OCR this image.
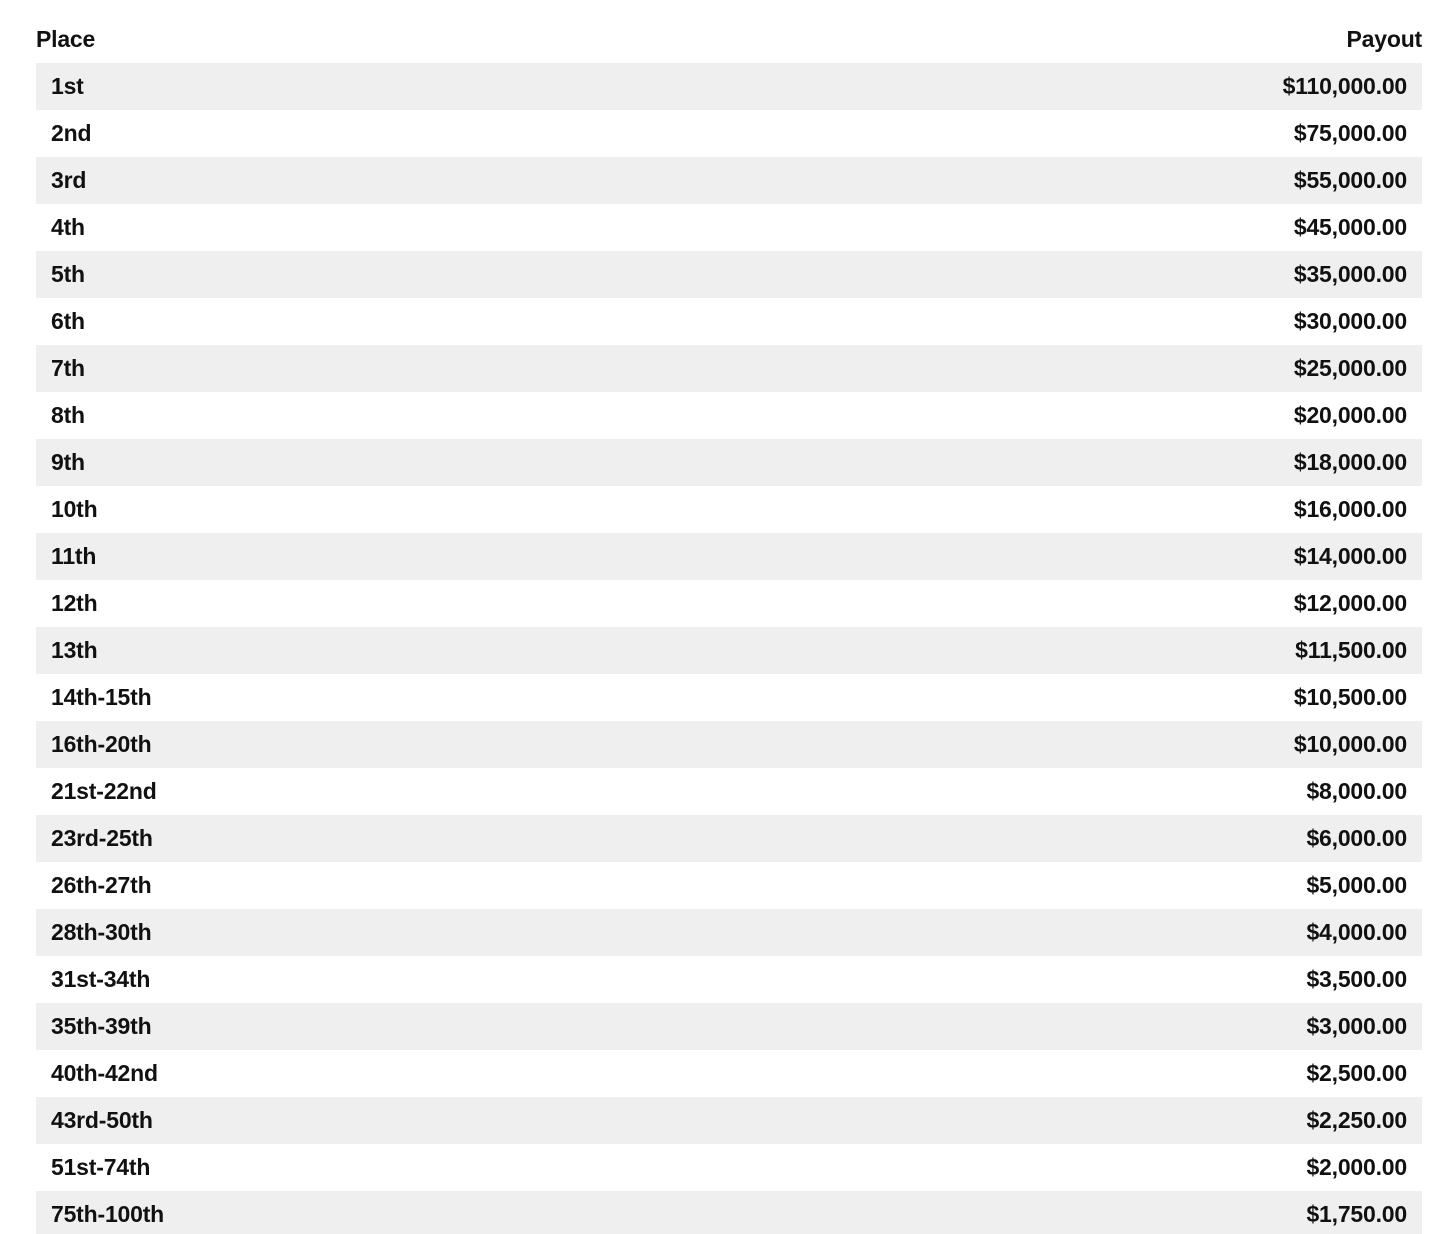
Place	Payout
1st	$110,000.00
2nd	$75,000.00
3rd	$55,000.00
4th	$45,000.00
5th	$35,000.00
6th	$30,000.00
7th	$25,000.00
8th	$20,000.00
9th	$18,000.00
10th	$16,000.00
11th	$14,000.00
12th	$12,000.00
13th	$11,500.00
14th-15th	$10,500.00
16th-20th	$10,000.00
21st-22nd	$8,000.00
23rd-25th	$6,000.00
26th-27th	$5,000.00
28th-30th	$4,000.00
31st-34th	$3,500.00
35th-39th	$3,000.00
40th-42nd	$2,500.00
43rd-50th	$2,250.00
51st-74th	$2,000.00
75th-100th	$1,750.00
